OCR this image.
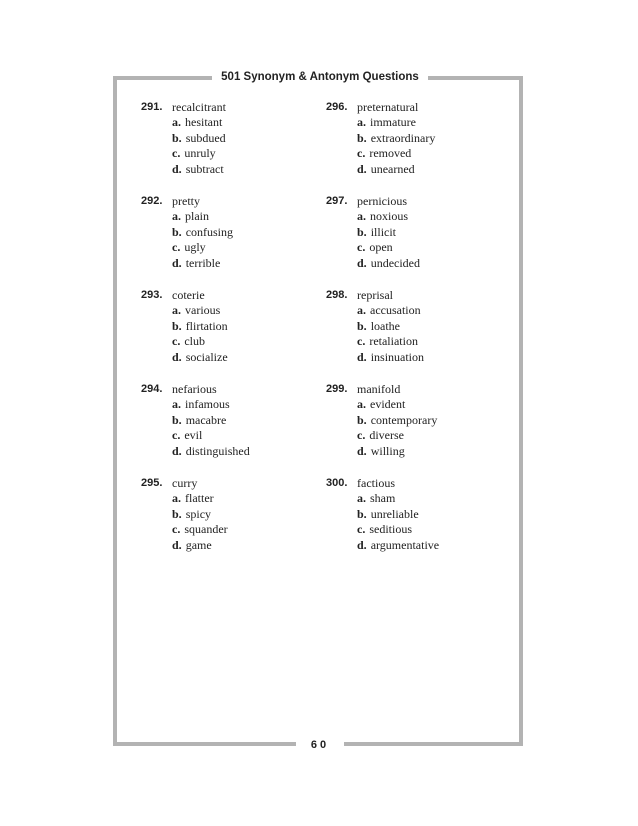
501 Synonym & Antonym Questions
291. recalcitrant
a. hesitant
b. subdued
c. unruly
d. subtract
292. pretty
a. plain
b. confusing
c. ugly
d. terrible
293. coterie
a. various
b. flirtation
c. club
d. socialize
294. nefarious
a. infamous
b. macabre
c. evil
d. distinguished
295. curry
a. flatter
b. spicy
c. squander
d. game
296. preternatural
a. immature
b. extraordinary
c. removed
d. unearned
297. pernicious
a. noxious
b. illicit
c. open
d. undecided
298. reprisal
a. accusation
b. loathe
c. retaliation
d. insinuation
299. manifold
a. evident
b. contemporary
c. diverse
d. willing
300. factious
a. sham
b. unreliable
c. seditious
d. argumentative
60
